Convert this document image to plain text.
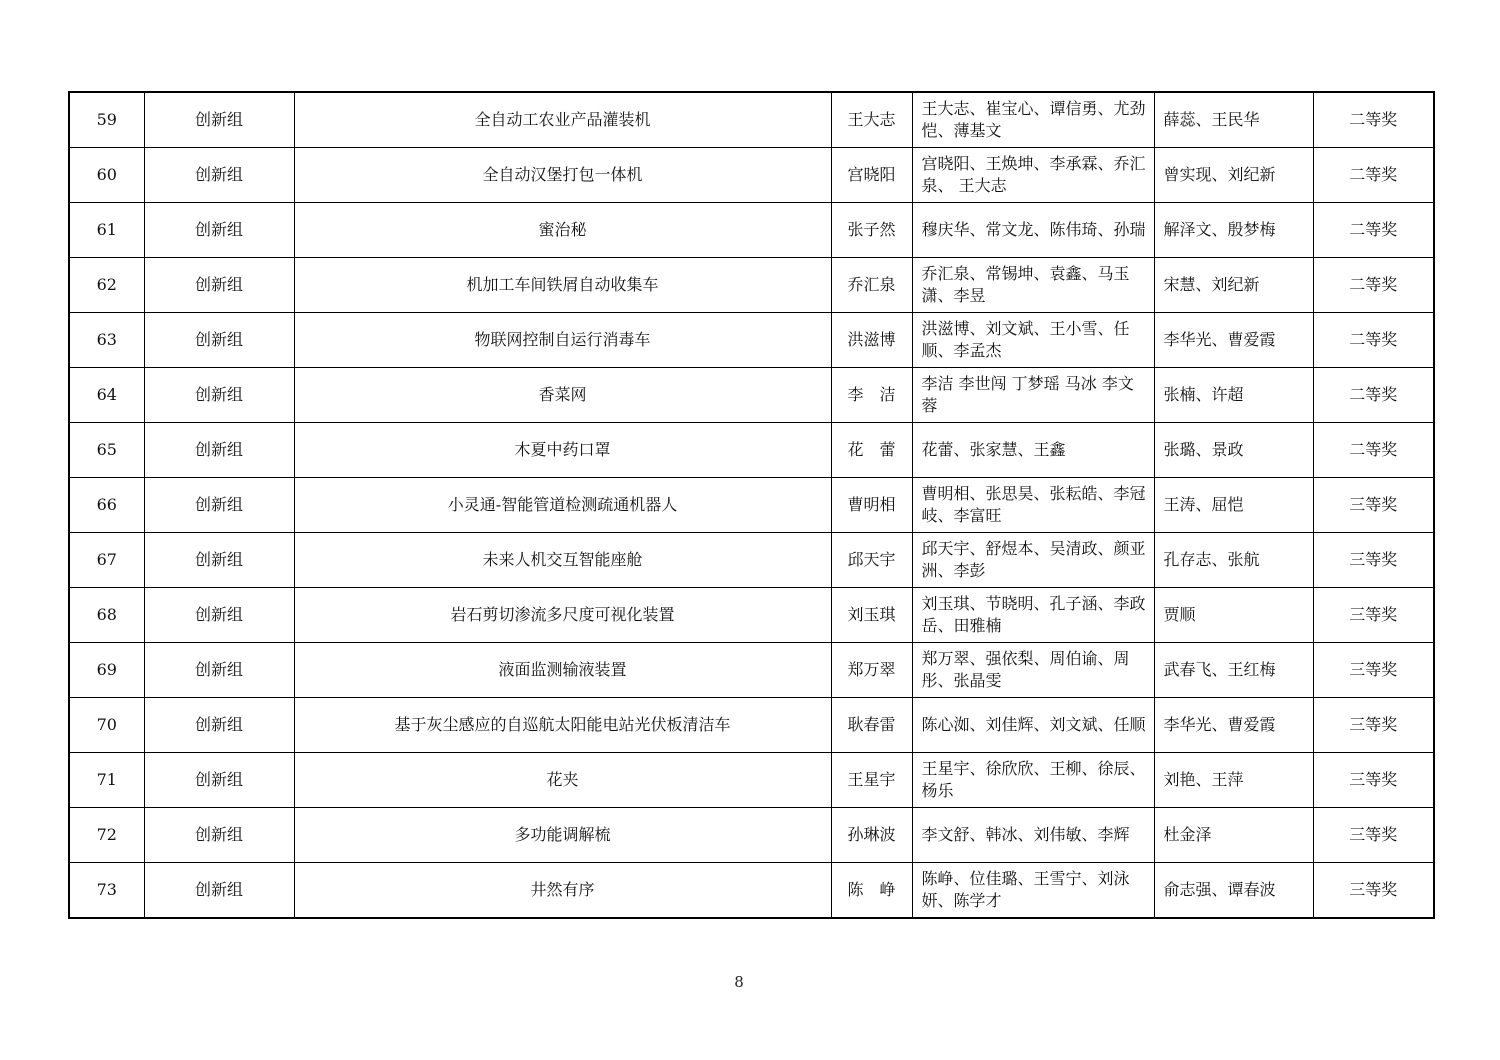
59	创新组	全自动工农业产品灌装机	王大志	王大志、崔宝心、谭信勇、尤劲恺、薄基文	薛蕊、王民华	二等奖
60	创新组	全自动汉堡打包一体机	宫晓阳	宫晓阳、王焕坤、李承霖、乔汇泉、 王大志	曾实现、刘纪新	二等奖
61	创新组	蜜治秘	张子然	穆庆华、常文龙、陈伟琦、孙瑞	解泽文、殷梦梅	二等奖
62	创新组	机加工车间铁屑自动收集车	乔汇泉	乔汇泉、常锡坤、袁鑫、马玉潇、李昱	宋慧、刘纪新	二等奖
63	创新组	物联网控制自运行消毒车	洪滋博	洪滋博、刘文斌、王小雪、任顺、李孟杰	李华光、曹爱霞	二等奖
64	创新组	香菜网	李　洁	李洁 李世闯 丁梦瑶 马冰 李文蓉	张楠、许超	二等奖
65	创新组	木夏中药口罩	花　蕾	花蕾、张家慧、王鑫	张璐、景政	二等奖
66	创新组	小灵通-智能管道检测疏通机器人	曹明相	曹明相、张思昊、张耘皓、李冠岐、李富旺	王涛、屈恺	三等奖
67	创新组	未来人机交互智能座舱	邱天宇	邱天宇、舒煜本、吴清政、颜亚洲、李彭	孔存志、张航	三等奖
68	创新组	岩石剪切渗流多尺度可视化装置	刘玉琪	刘玉琪、节晓明、孔子涵、李政岳、田雅楠	贾顺	三等奖
69	创新组	液面监测输液装置	郑万翠	郑万翠、强依梨、周伯谕、周彤、张晶雯	武春飞、王红梅	三等奖
70	创新组	基于灰尘感应的自巡航太阳能电站光伏板清洁车	耿春雷	陈心洳、刘佳辉、刘文斌、任顺	李华光、曹爱霞	三等奖
71	创新组	花夹	王星宇	王星宇、徐欣欣、王柳、徐辰、杨乐	刘艳、王萍	三等奖
72	创新组	多功能调解梳	孙琳波	李文舒、韩冰、刘伟敏、李辉	杜金泽	三等奖
73	创新组	井然有序	陈　峥	陈峥、位佳璐、王雪宁、刘泳妍、陈学才	俞志强、谭春波	三等奖
8
